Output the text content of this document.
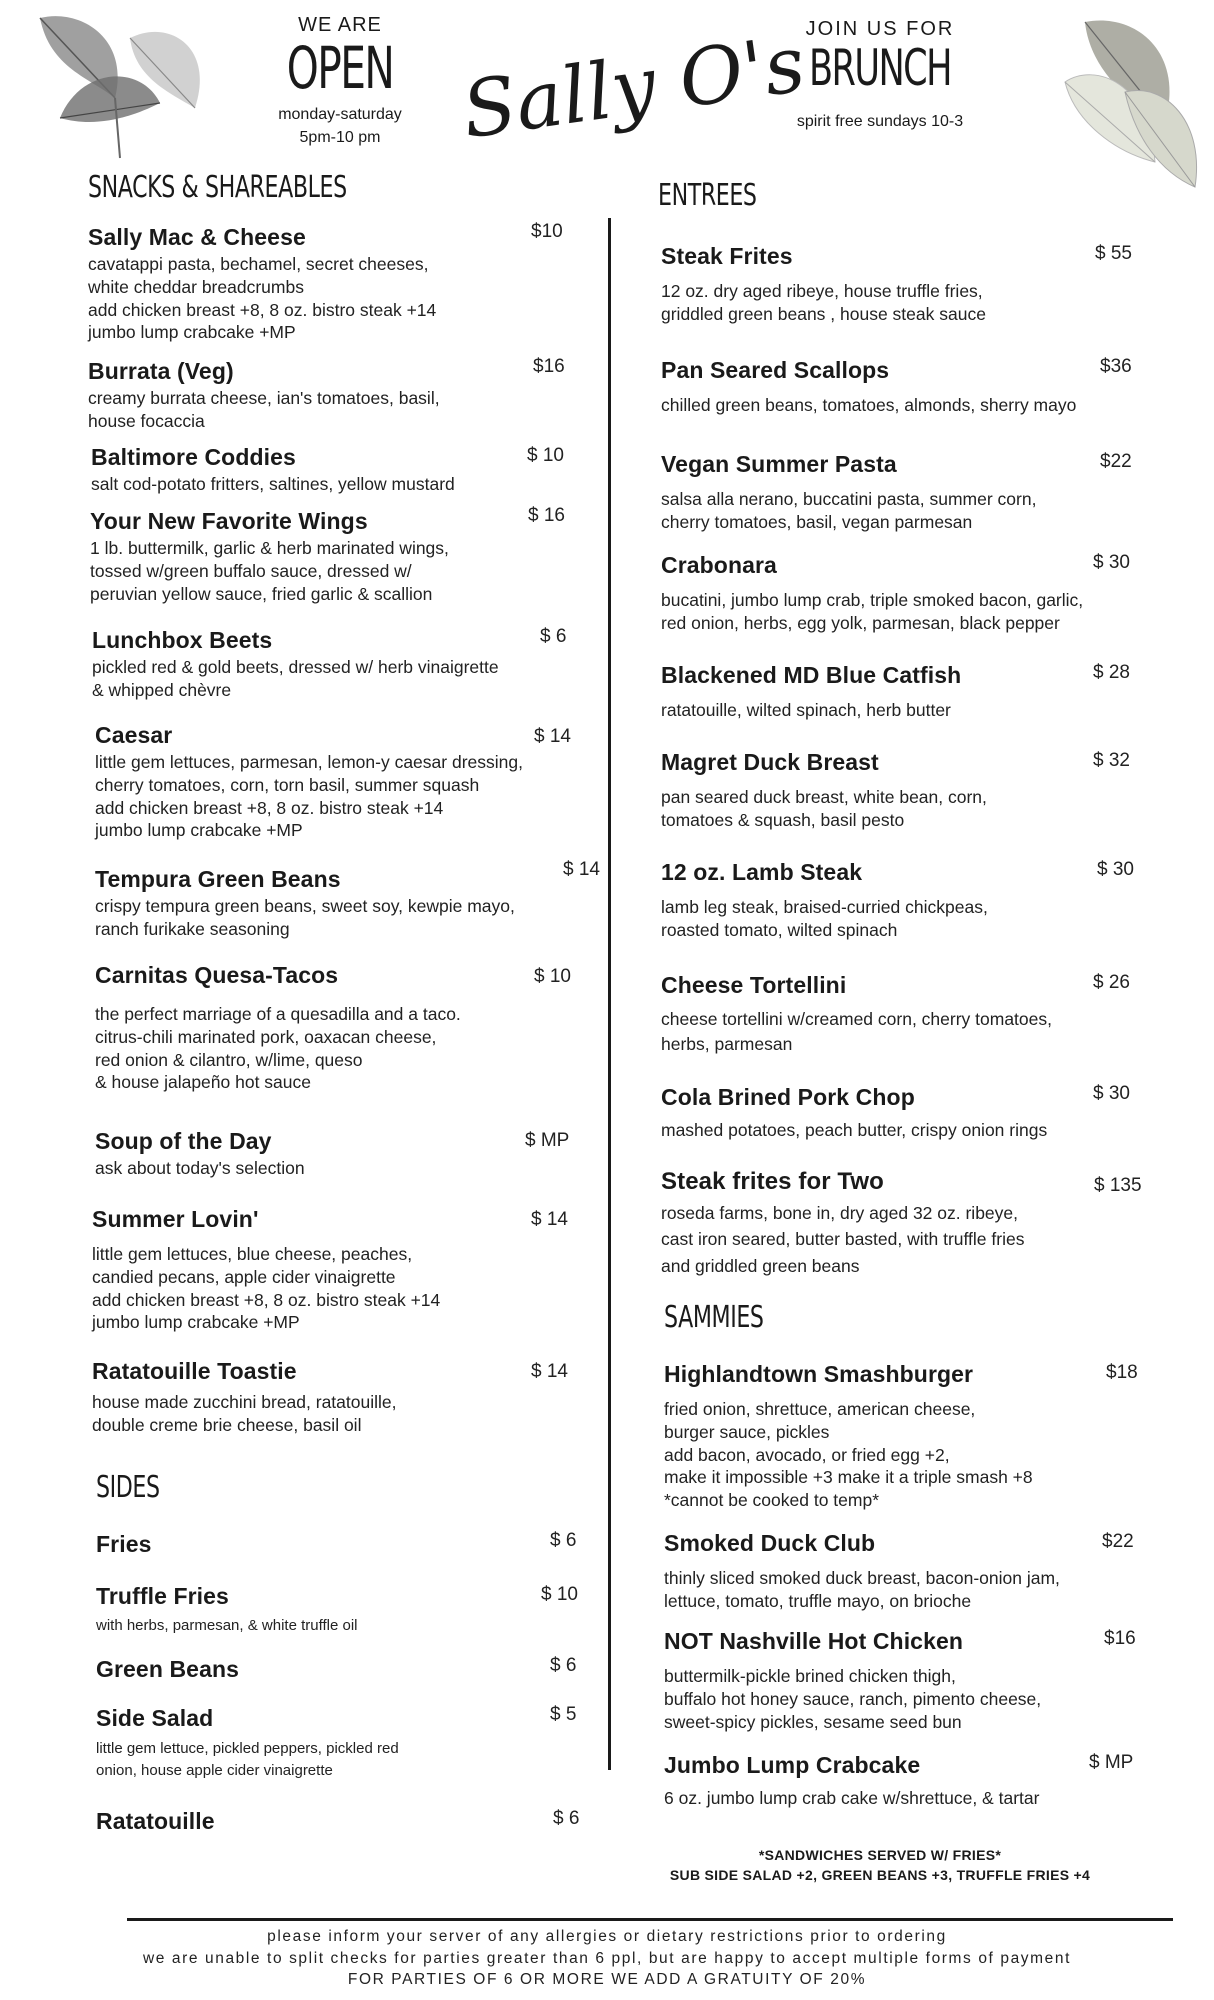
WE ARE
OPEN
monday-saturday
5pm-10 pm Sally O's
JOIN US FOR
BRUNCH
spirit free sundays 10-3
SNACKS & SHAREABLES
SIDES
ENTREES
SAMMIES
Sally Mac & Cheese
cavatappi pasta, bechamel, secret cheeses,
white cheddar breadcrumbs
add chicken breast +8, 8 oz. bistro steak +14
jumbo lump crabcake +MP
$10
Burrata (Veg)
creamy burrata cheese, ian's tomatoes, basil,
house focaccia
$16
Baltimore Coddies
salt cod-potato fritters, saltines, yellow mustard
$ 10
Your New Favorite Wings
1 lb. buttermilk, garlic & herb marinated wings,
tossed w/green buffalo sauce, dressed w/
peruvian yellow sauce, fried garlic & scallion
$ 16
Lunchbox Beets
pickled red & gold beets, dressed w/ herb vinaigrette
& whipped chèvre
$ 6
Caesar
little gem lettuces, parmesan, lemon-y caesar dressing,
cherry tomatoes, corn, torn basil, summer squash
add chicken breast +8, 8 oz. bistro steak +14
jumbo lump crabcake +MP
$ 14
Tempura Green Beans
crispy tempura green beans, sweet soy, kewpie mayo,
ranch furikake seasoning
$ 14
Carnitas Quesa-Tacos
the perfect marriage of a quesadilla and a taco.
citrus-chili marinated pork, oaxacan cheese,
red onion & cilantro, w/lime, queso
& house jalapeño hot sauce
$ 10
Soup of the Day
ask about today's selection
$ MP
Summer Lovin'
little gem lettuces, blue cheese, peaches,
candied pecans, apple cider vinaigrette
add chicken breast +8, 8 oz. bistro steak +14
jumbo lump crabcake +MP
$ 14
Ratatouille Toastie
house made zucchini bread, ratatouille,
double creme brie cheese, basil oil
$ 14
Fries	$ 6
Truffle Fries
with herbs, parmesan, & white truffle oil
$ 10
Green Beans	$ 6
Side Salad
little gem lettuce, pickled peppers, pickled red
onion, house apple cider vinaigrette
$ 5
Ratatouille	$ 6
Steak Frites
12 oz. dry aged ribeye, house truffle fries,
griddled green beans , house steak sauce
$ 55
Pan Seared Scallops
chilled green beans, tomatoes, almonds, sherry mayo
$36
Vegan Summer Pasta
salsa alla nerano, buccatini pasta, summer corn,
cherry tomatoes, basil, vegan parmesan
$22
Crabonara
bucatini, jumbo lump crab, triple smoked bacon, garlic,
red onion, herbs, egg yolk, parmesan, black pepper
$ 30
Blackened MD Blue Catfish
ratatouille, wilted spinach, herb butter
$ 28
Magret Duck Breast
pan seared duck breast, white bean, corn,
tomatoes & squash, basil pesto
$ 32
12 oz. Lamb Steak
lamb leg steak, braised-curried chickpeas,
roasted tomato, wilted spinach
$ 30
Cheese Tortellini
cheese tortellini w/creamed corn, cherry tomatoes,
herbs, parmesan
$ 26
Cola Brined Pork Chop
mashed potatoes, peach butter, crispy onion rings
$ 30
Steak frites for Two
roseda farms, bone in, dry aged 32 oz. ribeye,
cast iron seared, butter basted, with truffle fries
and griddled green beans
$ 135
Highlandtown Smashburger
fried onion, shrettuce, american cheese,
burger sauce, pickles
add bacon, avocado, or fried egg +2,
make it impossible +3 make it a triple smash +8
*cannot be cooked to temp*
$18
Smoked Duck Club
thinly sliced smoked duck breast, bacon-onion jam,
lettuce, tomato, truffle mayo, on brioche
$22
NOT Nashville Hot Chicken
buttermilk-pickle brined chicken thigh,
buffalo hot honey sauce, ranch, pimento cheese,
sweet-spicy pickles, sesame seed bun
$16
Jumbo Lump Crabcake
6 oz. jumbo lump crab cake w/shrettuce, & tartar
$ MP
*SANDWICHES SERVED W/ FRIES*
SUB SIDE SALAD +2, GREEN BEANS +3, TRUFFLE FRIES +4
please inform your server of any allergies or dietary restrictions prior to ordering
we are unable to split checks for parties greater than 6 ppl, but are happy to accept multiple forms of payment
FOR PARTIES OF 6 OR MORE WE ADD A GRATUITY OF 20%
